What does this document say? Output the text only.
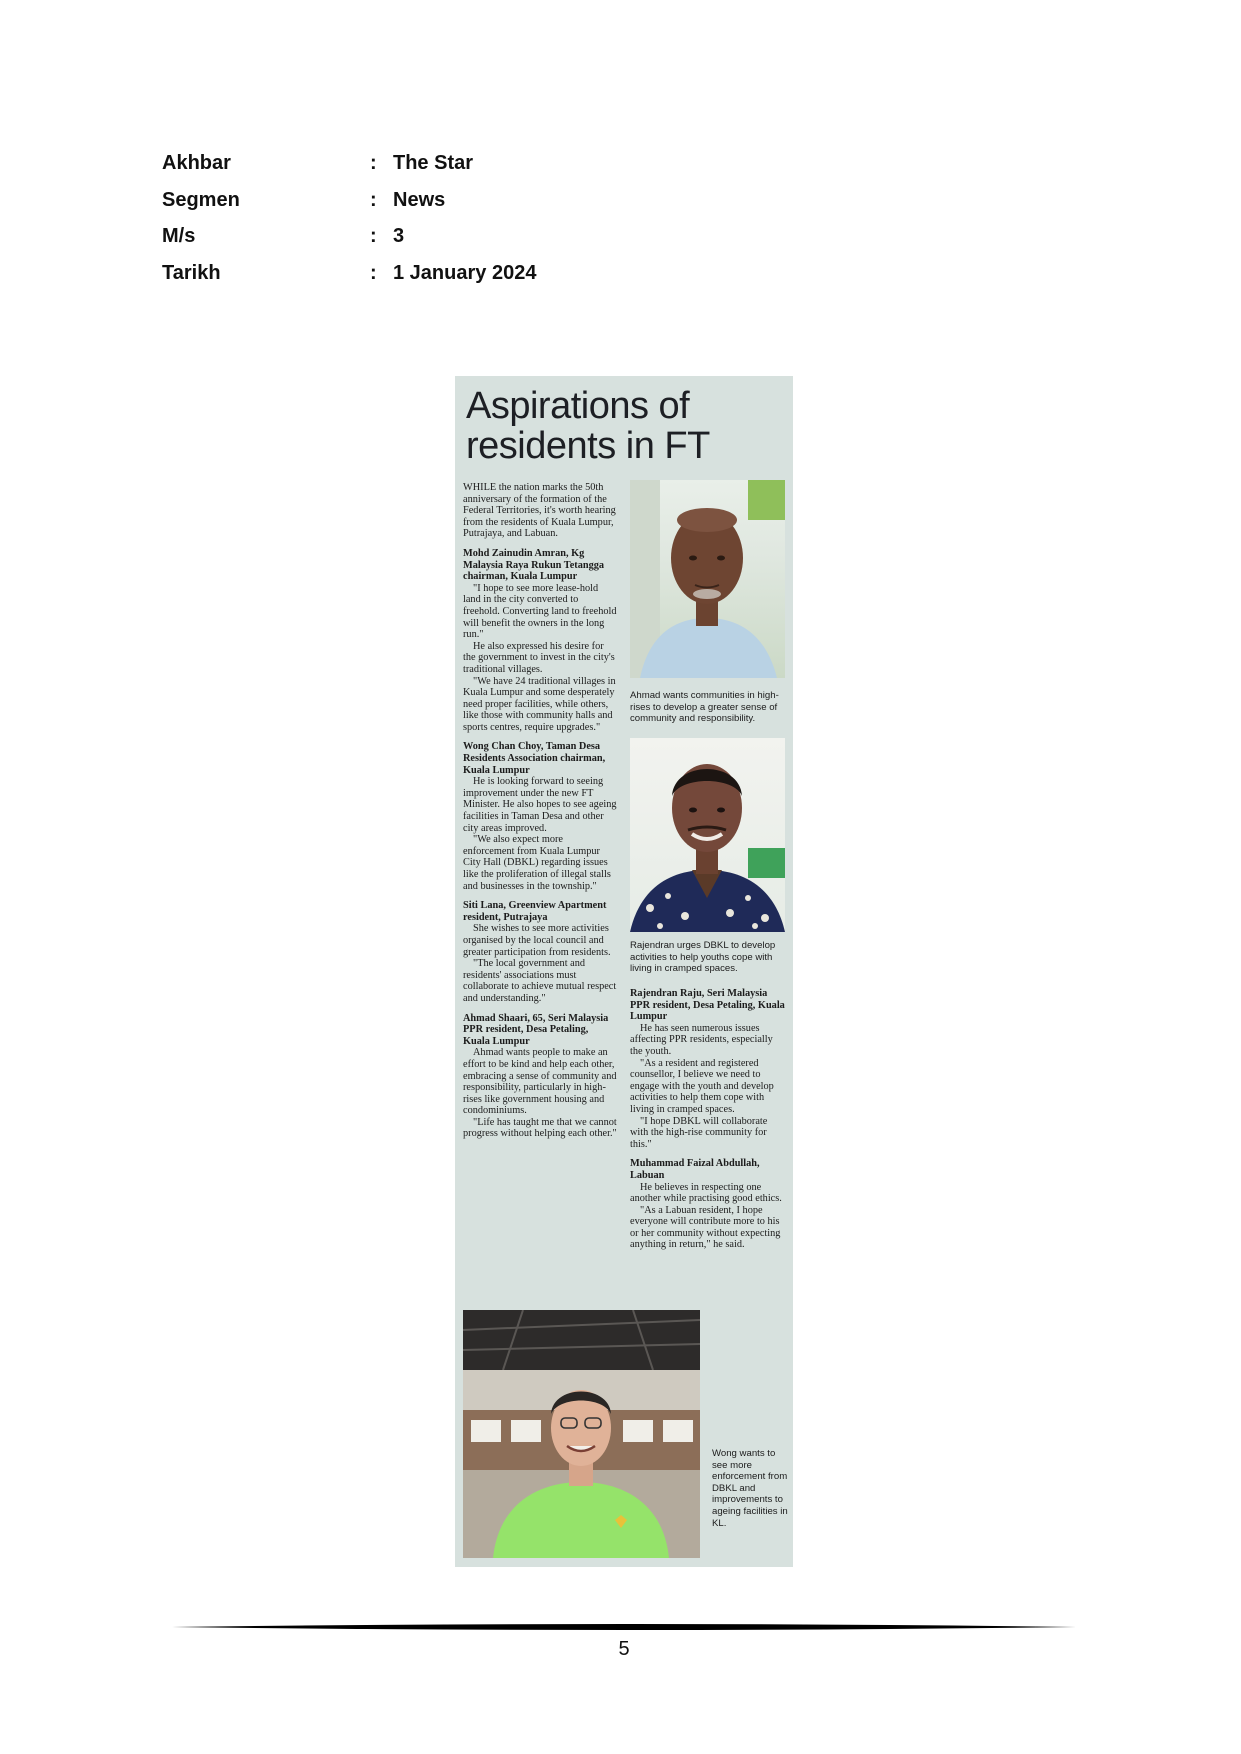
Akhbar	: The Star
Segmen	: News
M/s	: 3
Tarikh	: 1 January 2024
Aspirations of residents in FT

WHILE the nation marks the 50th anniversary of the formation of the Federal Territories, it's worth hearing from the residents of Kuala Lumpur, Putrajaya, and Labuan.

Mohd Zainudin Amran, Kg Malaysia Raya Rukun Tetangga chairman, Kuala Lumpur

"I hope to see more lease-hold land in the city converted to freehold. Converting land to freehold will benefit the owners in the long run."

He also expressed his desire for the government to invest in the city's traditional villages.

"We have 24 traditional villages in Kuala Lumpur and some desperately need proper facilities, while others, like those with community halls and sports centres, require upgrades."

Wong Chan Choy, Taman Desa Residents Association chairman, Kuala Lumpur

He is looking forward to seeing improvement under the new FT Minister. He also hopes to see ageing facilities in Taman Desa and other city areas improved.

"We also expect more enforcement from Kuala Lumpur City Hall (DBKL) regarding issues like the proliferation of illegal stalls and businesses in the township."

Siti Lana, Greenview Apartment resident, Putrajaya

She wishes to see more activities organised by the local council and greater participation from residents.

"The local government and residents' associations must collaborate to achieve mutual respect and understanding."

Ahmad Shaari, 65, Seri Malaysia PPR resident, Desa Petaling, Kuala Lumpur

Ahmad wants people to make an effort to be kind and help each other, embracing a sense of community and responsibility, particularly in high-rises like government housing and condominiums.

"Life has taught me that we cannot progress without helping each other."

Ahmad wants communities in high-rises to develop a greater sense of community and responsibility.
Rajendran urges DBKL to develop activities to help youths cope with living in cramped spaces.

Rajendran Raju, Seri Malaysia PPR resident, Desa Petaling, Kuala Lumpur

He has seen numerous issues affecting PPR residents, especially the youth.

"As a resident and registered counsellor, I believe we need to engage with the youth and develop activities to help them cope with living in cramped spaces.

"I hope DBKL will collaborate with the high-rise community for this."

Muhammad Faizal Abdullah, Labuan

He believes in respecting one another while practising good ethics.

"As a Labuan resident, I hope everyone will contribute more to his or her community without expecting anything in return," he said.

Wong wants to see more enforcement from DBKL and improvements to ageing facilities in KL.
5
